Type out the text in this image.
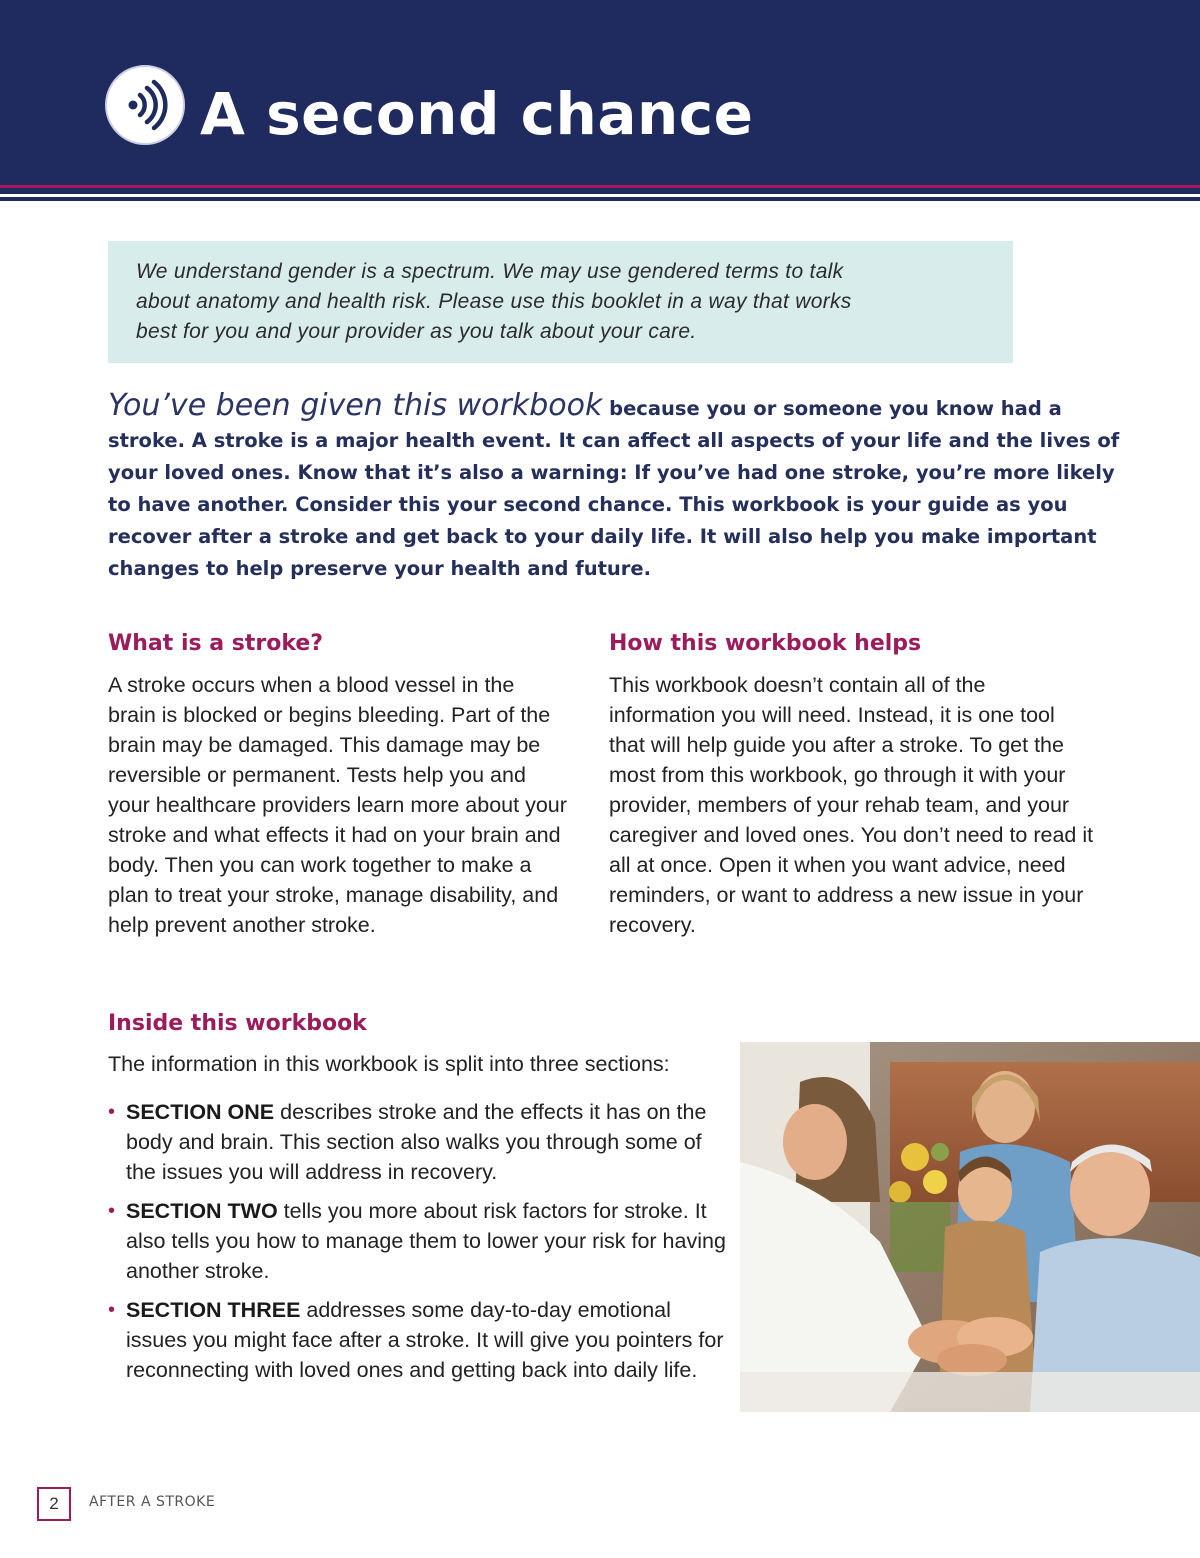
A second chance

We understand gender is a spectrum. We may use gendered terms to talk

about anatomy and health risk. Please use this booklet in a way that works

best for you and your provider as you talk about your care.

You’ve been given this workbook because you or someone you know had a stroke. A stroke is a major health event. It can affect all aspects of your life and the lives of your loved ones. Know that it’s also a warning: If you’ve had one stroke, you’re more likely to have another. Consider this your second chance. This workbook is your guide as you recover after a stroke and get back to your daily life. It will also help you make important changes to help preserve your health and future.

What is a stroke?

A stroke occurs when a blood vessel in the brain is blocked or begins bleeding. Part of the brain may be damaged. This damage may be reversible or permanent. Tests help you and your healthcare providers learn more about your stroke and what effects it had on your brain and body. Then you can work together to make a plan to treat your stroke, manage disability, and help prevent another stroke.

How this workbook helps

This workbook doesn’t contain all of the information you will need. Instead, it is one tool that will help guide you after a stroke. To get the most from this workbook, go through it with your provider, members of your rehab team, and your caregiver and loved ones. You don’t need to read it all at once. Open it when you want advice, need reminders, or want to address a new issue in your recovery.

Inside this workbook

The information in this workbook is split into three sections:

• SECTION ONE describes stroke and the effects it has on the body and brain. This section also walks you through some of the issues you will address in recovery.
• SECTION TWO tells you more about risk factors for stroke. It also tells you how to manage them to lower your risk for having another stroke.
• SECTION THREE addresses some day-to-day emotional issues you might face after a stroke. It will give you pointers for reconnecting with loved ones and getting back into daily life.
2	AFTER A STROKE
